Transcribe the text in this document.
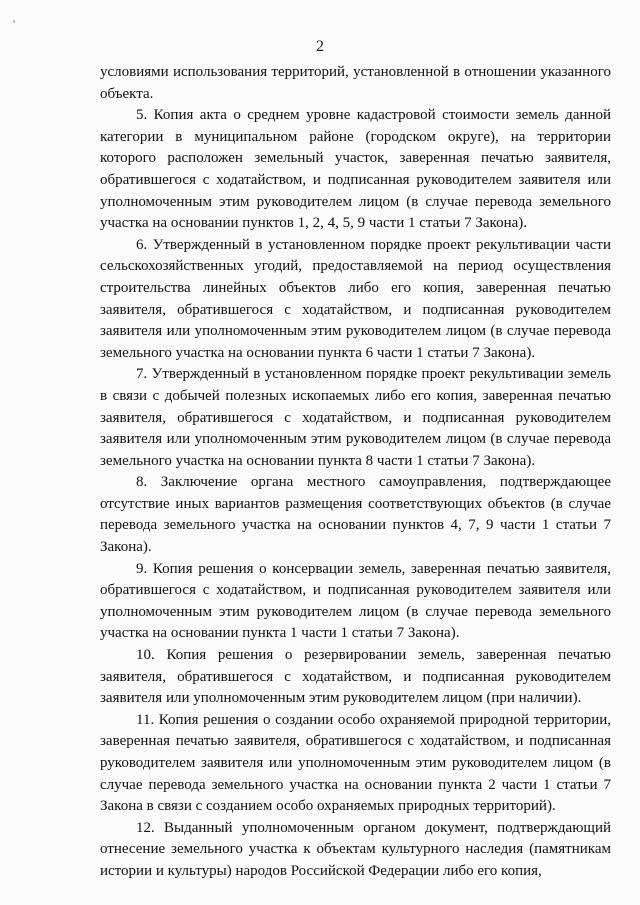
2

условиями использования территорий, установленной в отношении указанного объекта.

5. Копия акта о среднем уровне кадастровой стоимости земель данной категории в муниципальном районе (городском округе), на территории которого расположен земельный участок, заверенная печатью заявителя, обратившегося с ходатайством, и подписанная руководителем заявителя или уполномоченным этим руководителем лицом (в случае перевода земельного участка на основании пунктов 1, 2, 4, 5, 9 части 1 статьи 7 Закона).

6. Утвержденный в установленном порядке проект рекультивации части сельскохозяйственных угодий, предоставляемой на период осуществления строительства линейных объектов либо его копия, заверенная печатью заявителя, обратившегося с ходатайством, и подписанная руководителем заявителя или уполномоченным этим руководителем лицом (в случае перевода земельного участка на основании пункта 6 части 1 статьи 7 Закона).

7. Утвержденный в установленном порядке проект рекультивации земель в связи с добычей полезных ископаемых либо его копия, заверенная печатью заявителя, обратившегося с ходатайством, и подписанная руководителем заявителя или уполномоченным этим руководителем лицом (в случае перевода земельного участка на основании пункта 8 части 1 статьи 7 Закона).

8. Заключение органа местного самоуправления, подтверждающее отсутствие иных вариантов размещения соответствующих объектов (в случае перевода земельного участка на основании пунктов 4, 7, 9 части 1 статьи 7 Закона).

9. Копия решения о консервации земель, заверенная печатью заявителя, обратившегося с ходатайством, и подписанная руководителем заявителя или уполномоченным этим руководителем лицом (в случае перевода земельного участка на основании пункта 1 части 1 статьи 7 Закона).

10. Копия решения о резервировании земель, заверенная печатью заявителя, обратившегося с ходатайством, и подписанная руководителем заявителя или уполномоченным этим руководителем лицом (при наличии).

11. Копия решения о создании особо охраняемой природной территории, заверенная печатью заявителя, обратившегося с ходатайством, и подписанная руководителем заявителя или уполномоченным этим руководителем лицом (в случае перевода земельного участка на основании пункта 2 части 1 статьи 7 Закона в связи с созданием особо охраняемых природных территорий).

12. Выданный уполномоченным органом документ, подтверждающий отнесение земельного участка к объектам культурного наследия (памятникам истории и культуры) народов Российской Федерации либо его копия,
